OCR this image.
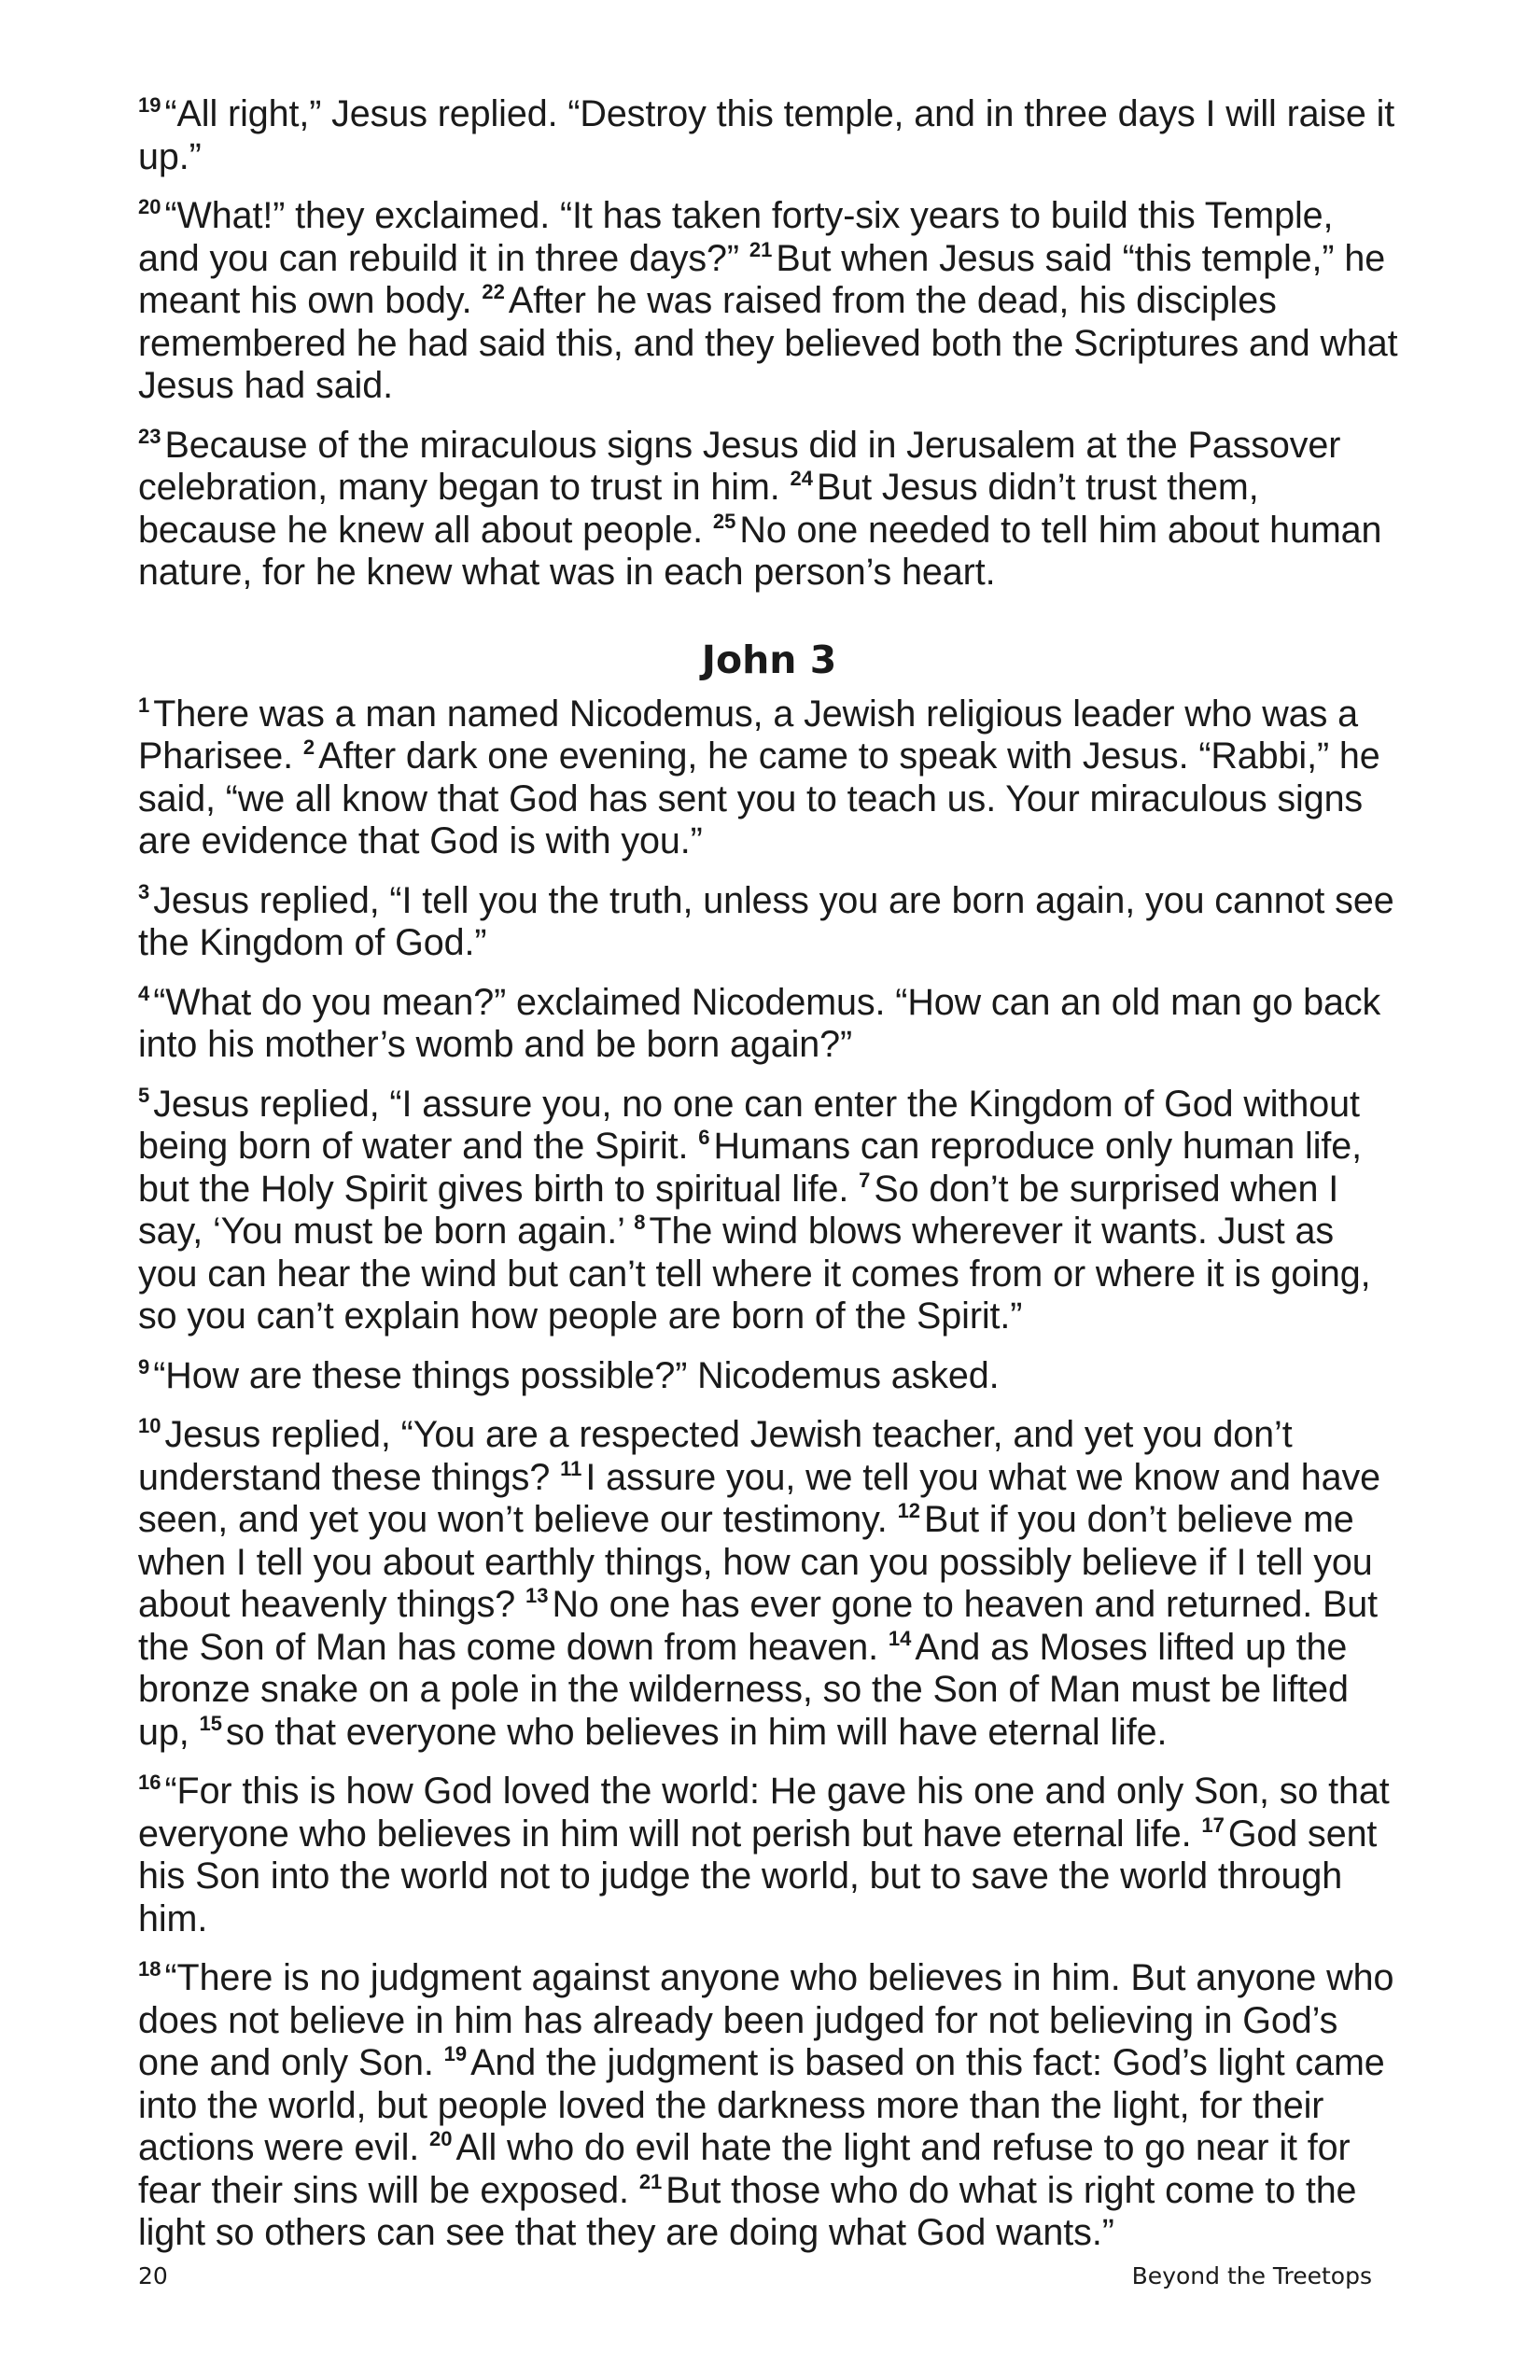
$^{19}$ “All right,” Jesus replied. “Destroy this temple, and in three days I will raise it up.”

$^{20}$ “What!” they exclaimed. “It has taken forty-six years to build this Temple, and you can rebuild it in three days?” $^{21}$ But when Jesus said “this temple,” he meant his own body. $^{22}$ After he was raised from the dead, his disciples remembered he had said this, and they believed both the Scriptures and what Jesus had said.

$^{23}$ Because of the miraculous signs Jesus did in Jerusalem at the Passover celebration, many began to trust in him. $^{24}$ But Jesus didn’t trust them, because he knew all about people. $^{25}$ No one needed to tell him about human nature, for he knew what was in each person’s heart.

John 3

$^1$ There was a man named Nicodemus, a Jewish religious leader who was a Pharisee. $^2$ After dark one evening, he came to speak with Jesus. “Rabbi,” he said, “we all know that God has sent you to teach us. Your miraculous signs are evidence that God is with you.”

$^3$ Jesus replied, “I tell you the truth, unless you are born again, you cannot see the Kingdom of God.”

$^4$ “What do you mean?” exclaimed Nicodemus. “How can an old man go back into his mother’s womb and be born again?”

$^5$ Jesus replied, “I assure you, no one can enter the Kingdom of God without being born of water and the Spirit. $^6$ Humans can reproduce only human life, but the Holy Spirit gives birth to spiritual life. $^7$ So don’t be surprised when I say, ‘You must be born again.’ $^8$ The wind blows wherever it wants. Just as you can hear the wind but can’t tell where it comes from or where it is going, so you can’t explain how people are born of the Spirit.”

$^9$ “How are these things possible?” Nicodemus asked.

$^{10}$ Jesus replied, “You are a respected Jewish teacher, and yet you don’t understand these things? $^{11}$ I assure you, we tell you what we know and have seen, and yet you won’t believe our testimony. $^{12}$ But if you don’t believe me when I tell you about earthly things, how can you possibly believe if I tell you about heavenly things? $^{13}$ No one has ever gone to heaven and returned. But the Son of Man has come down from heaven. $^{14}$ And as Moses lifted up the bronze snake on a pole in the wilderness, so the Son of Man must be lifted up, $^{15}$ so that everyone who believes in him will have eternal life.

$^{16}$ “For this is how God loved the world: He gave his one and only Son, so that everyone who believes in him will not perish but have eternal life. $^{17}$ God sent his Son into the world not to judge the world, but to save the world through him.

$^{18}$ “There is no judgment against anyone who believes in him. But anyone who does not believe in him has already been judged for not believing in God’s one and only Son. $^{19}$ And the judgment is based on this fact: God’s light came into the world, but people loved the darkness more than the light, for their actions were evil. $^{20}$ All who do evil hate the light and refuse to go near it for fear their sins will be exposed. $^{21}$ But those who do what is right come to the light so others can see that they are doing what God wants.”

20	Beyond the Treetops
